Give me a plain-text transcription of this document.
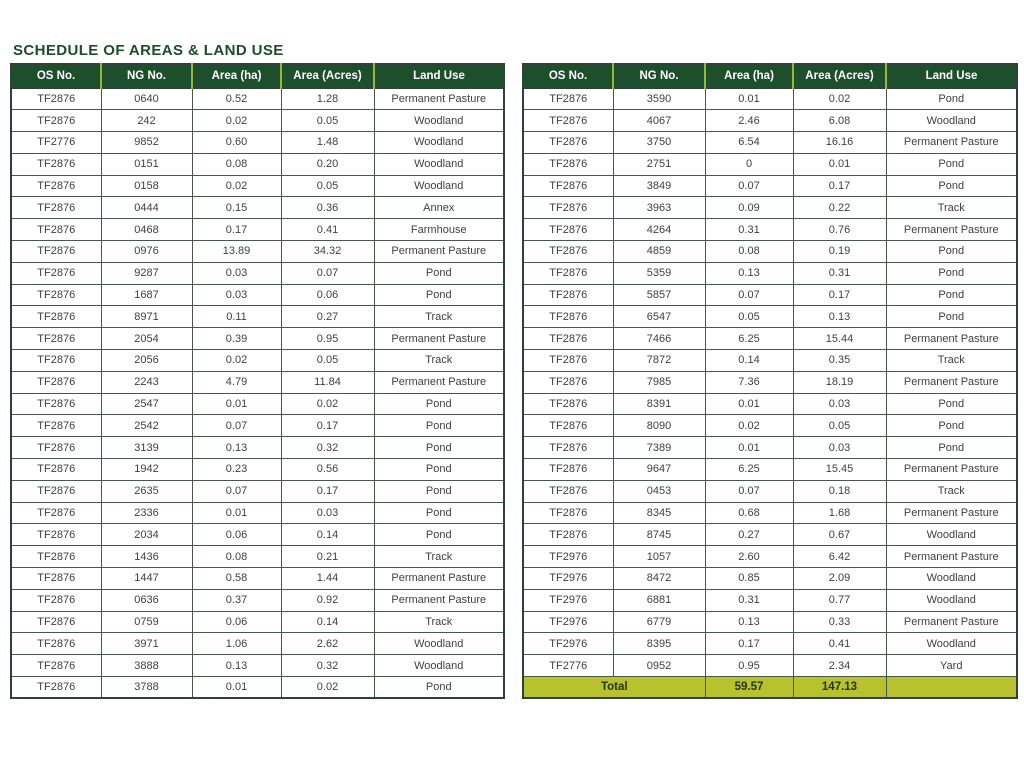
SCHEDULE OF AREAS & LAND USE
OS No.	NG No.	Area (ha)	Area (Acres)	Land Use
TF2876	0640	0.52	1.28	Permanent Pasture
TF2876	242	0.02	0.05	Woodland
TF2776	9852	0.60	1.48	Woodland
TF2876	0151	0.08	0.20	Woodland
TF2876	0158	0.02	0.05	Woodland
TF2876	0444	0.15	0.36	Annex
TF2876	0468	0.17	0.41	Farmhouse
TF2876	0976	13.89	34.32	Permanent Pasture
TF2876	9287	0.03	0.07	Pond
TF2876	1687	0.03	0.06	Pond
TF2876	8971	0.11	0.27	Track
TF2876	2054	0.39	0.95	Permanent Pasture
TF2876	2056	0.02	0.05	Track
TF2876	2243	4.79	11.84	Permanent Pasture
TF2876	2547	0.01	0.02	Pond
TF2876	2542	0.07	0.17	Pond
TF2876	3139	0.13	0.32	Pond
TF2876	1942	0.23	0.56	Pond
TF2876	2635	0.07	0.17	Pond
TF2876	2336	0.01	0.03	Pond
TF2876	2034	0.06	0.14	Pond
TF2876	1436	0.08	0.21	Track
TF2876	1447	0.58	1.44	Permanent Pasture
TF2876	0636	0.37	0.92	Permanent Pasture
TF2876	0759	0.06	0.14	Track
TF2876	3971	1.06	2.62	Woodland
TF2876	3888	0.13	0.32	Woodland
TF2876	3788	0.01	0.02	Pond
OS No.	NG No.	Area (ha)	Area (Acres)	Land Use
TF2876	3590	0.01	0.02	Pond
TF2876	4067	2.46	6.08	Woodland
TF2876	3750	6.54	16.16	Permanent Pasture
TF2876	2751	0	0.01	Pond
TF2876	3849	0.07	0.17	Pond
TF2876	3963	0.09	0.22	Track
TF2876	4264	0.31	0.76	Permanent Pasture
TF2876	4859	0.08	0.19	Pond
TF2876	5359	0.13	0.31	Pond
TF2876	5857	0.07	0.17	Pond
TF2876	6547	0.05	0.13	Pond
TF2876	7466	6.25	15.44	Permanent Pasture
TF2876	7872	0.14	0.35	Track
TF2876	7985	7.36	18.19	Permanent Pasture
TF2876	8391	0.01	0.03	Pond
TF2876	8090	0.02	0.05	Pond
TF2876	7389	0.01	0.03	Pond
TF2876	9647	6.25	15.45	Permanent Pasture
TF2876	0453	0.07	0.18	Track
TF2876	8345	0.68	1.68	Permanent Pasture
TF2876	8745	0.27	0.67	Woodland
TF2976	1057	2.60	6.42	Permanent Pasture
TF2976	8472	0.85	2.09	Woodland
TF2976	6881	0.31	0.77	Woodland
TF2976	6779	0.13	0.33	Permanent Pasture
TF2976	8395	0.17	0.41	Woodland
TF2776	0952	0.95	2.34	Yard
Total		59.57	147.13	
